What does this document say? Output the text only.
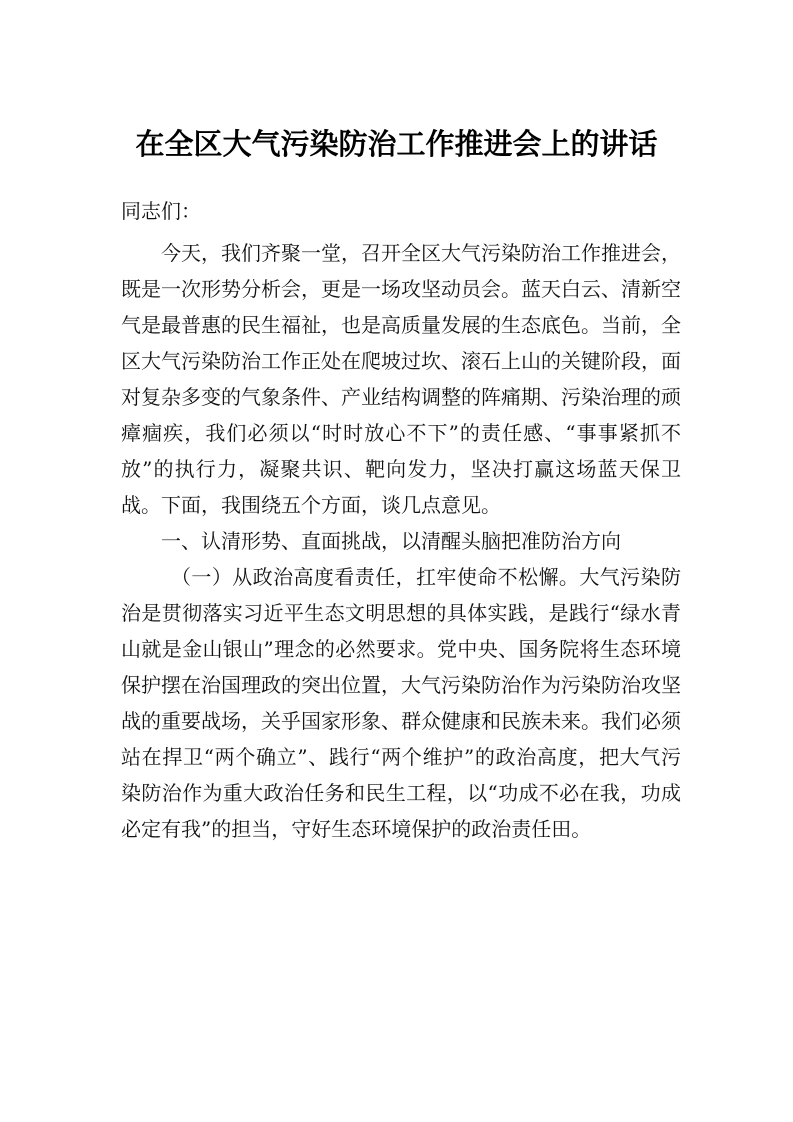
在全区大气污染防治工作推进会上的讲话
同志们：

今天，我们齐聚一堂，召开全区大气污染防治工作推进会，既是一次形势分析会，更是一场攻坚动员会。蓝天白云、清新空气是最普惠的民生福祉，也是高质量发展的生态底色。当前，全区大气污染防治工作正处在爬坡过坎、滚石上山的关键阶段，面对复杂多变的气象条件、产业结构调整的阵痛期、污染治理的顽瘴痼疾，我们必须以“时时放心不下”的责任感、“事事紧抓不放”的执行力，凝聚共识、靶向发力，坚决打赢这场蓝天保卫战。下面，我围绕五个方面，谈几点意见。

一、认清形势、直面挑战，以清醒头脑把准防治方向

（一）从政治高度看责任，扛牢使命不松懈。大气污染防治是贯彻落实习近平生态文明思想的具体实践，是践行“绿水青山就是金山银山”理念的必然要求。党中央、国务院将生态环境保护摆在治国理政的突出位置，大气污染防治作为污染防治攻坚战的重要战场，关乎国家形象、群众健康和民族未来。我们必须站在捍卫“两个确立”、践行“两个维护”的政治高度，把大气污染防治作为重大政治任务和民生工程，以“功成不必在我，功成必定有我”的担当，守好生态环境保护的政治责任田。
